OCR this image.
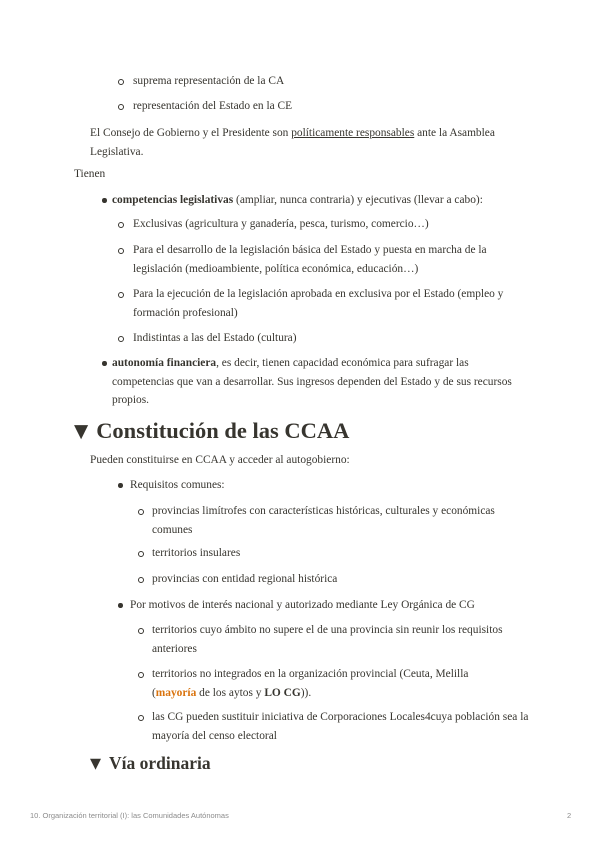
suprema representación de la CA
representación del Estado en la CE
El Consejo de Gobierno y el Presidente son políticamente responsables ante la Asamblea Legislativa.
Tienen
competencias legislativas (ampliar, nunca contraria) y ejecutivas (llevar a cabo):
Exclusivas (agricultura y ganadería, pesca, turismo, comercio…)
Para el desarrollo de la legislación básica del Estado y puesta en marcha de la legislación (medioambiente, política económica, educación…)
Para la ejecución de la legislación aprobada en exclusiva por el Estado (empleo y formación profesional)
Indistintas a las del Estado (cultura)
autonomía financiera, es decir, tienen capacidad económica para sufragar las competencias que van a desarrollar. Sus ingresos dependen del Estado y de sus recursos propios.
▼ Constitución de las CCAA
Pueden constituirse en CCAA y acceder al autogobierno:
Requisitos comunes:
provincias limítrofes con características históricas, culturales y económicas comunes
territorios insulares
provincias con entidad regional histórica
Por motivos de interés nacional y autorizado mediante Ley Orgánica de CG
territorios cuyo ámbito no supere el de una provincia sin reunir los requisitos anteriores
territorios no integrados en la organización provincial (Ceuta, Melilla
(mayoría de los aytos y LO CG)).
las CG pueden sustituir iniciativa de Corporaciones Locales4cuya población sea la mayoría del censo electoral
▼ Vía ordinaria
10. Organización territorial (I): las Comunidades Autónomas	2
